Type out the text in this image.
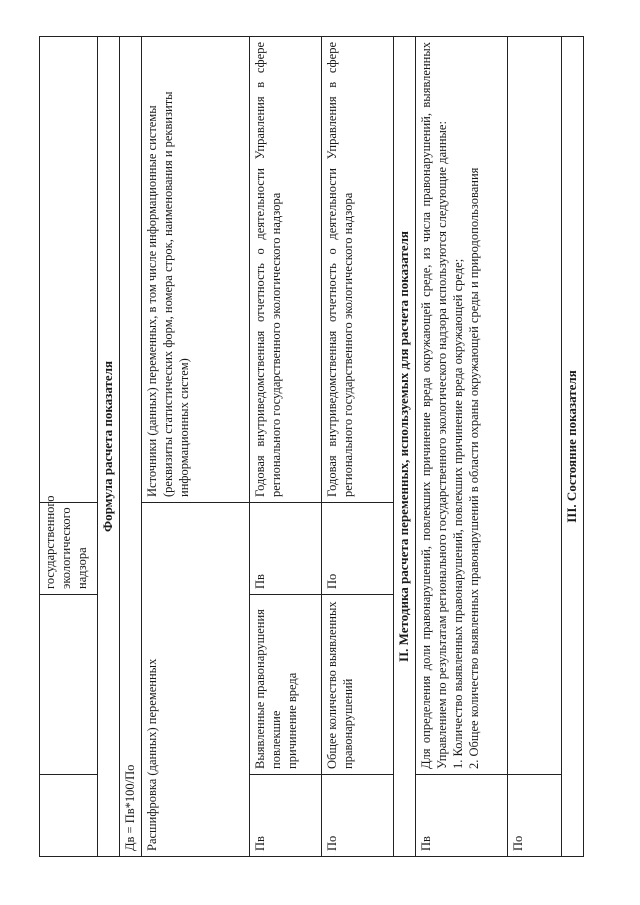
		государственного
экологического
надзора	
Формула расчета показателя			
Дв = Пв*100/По			
Расшифровка (данных) переменных			Источники (данных) переменных, в том числе информационные системы
(реквизиты статистических форм, номера строк, наименования и реквизиты
информационных систем)
Пв	Выявленные правонарушения
повлекшие
причинение вреда	Пв	Годовая внутриведомственная отчетность о деятельности Управления в сфере регионального государственного экологического надзора
По	Общее количество выявленных правонарушений	По	Годовая внутриведомственная отчетность о деятельности Управления в сфере регионального государственного экологического надзора
II. Методика расчета переменных, используемых для расчета показателя			
Пв	Для определения доли правонарушений, повлекших причинение вреда окружающей среде, из числа правонарушений, выявленных Управлением по результатам регионального государственного экологического надзора используются следующие данные: 1. Количество выявленных правонарушений, повлекших причинение вреда окружающей среде; 2. Общее количество выявленных правонарушений в области охраны окружающей среды и природопользования		

По			
III. Состояние показателя			
